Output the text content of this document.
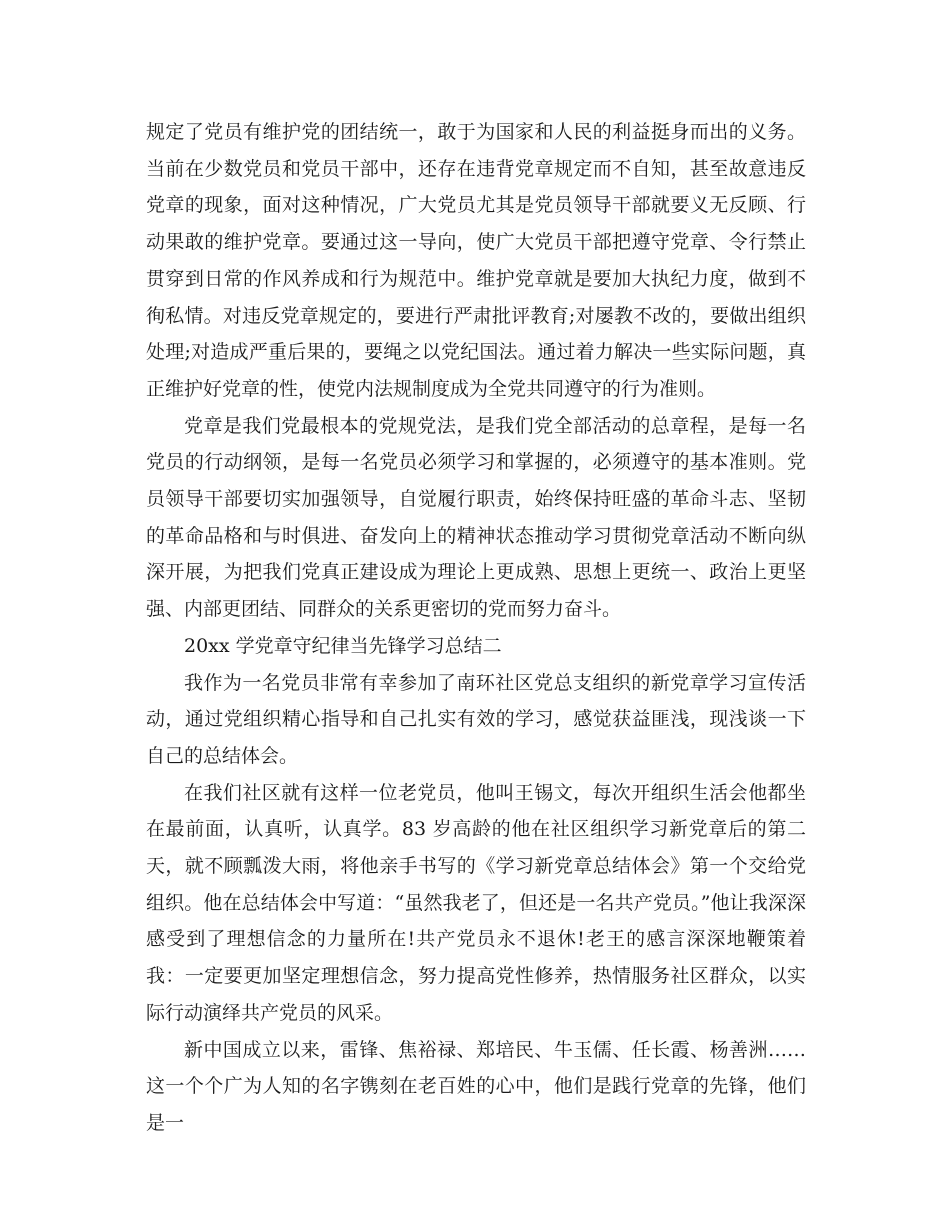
规定了党员有维护党的团结统一，敢于为国家和人民的利益挺身而出的义务。当前在少数党员和党员干部中，还存在违背党章规定而不自知，甚至故意违反党章的现象，面对这种情况，广大党员尤其是党员领导干部就要义无反顾、行动果敢的维护党章。要通过这一导向，使广大党员干部把遵守党章、令行禁止贯穿到日常的作风养成和行为规范中。维护党章就是要加大执纪力度，做到不徇私情。对违反党章规定的，要进行严肃批评教育;对屡教不改的，要做出组织处理;对造成严重后果的，要绳之以党纪国法。通过着力解决一些实际问题，真正维护好党章的性，使党内法规制度成为全党共同遵守的行为准则。

党章是我们党最根本的党规党法，是我们党全部活动的总章程，是每一名党员的行动纲领，是每一名党员必须学习和掌握的，必须遵守的基本准则。党员领导干部要切实加强领导，自觉履行职责，始终保持旺盛的革命斗志、坚韧的革命品格和与时俱进、奋发向上的精神状态推动学习贯彻党章活动不断向纵深开展，为把我们党真正建设成为理论上更成熟、思想上更统一、政治上更坚强、内部更团结、同群众的关系更密切的党而努力奋斗。

20xx 学党章守纪律当先锋学习总结二

我作为一名党员非常有幸参加了南环社区党总支组织的新党章学习宣传活动，通过党组织精心指导和自己扎实有效的学习，感觉获益匪浅，现浅谈一下自己的总结体会。

在我们社区就有这样一位老党员，他叫王锡文，每次开组织生活会他都坐在最前面，认真听，认真学。83 岁高龄的他在社区组织学习新党章后的第二天，就不顾瓢泼大雨，将他亲手书写的《学习新党章总结体会》第一个交给党组织。他在总结体会中写道：“虽然我老了，但还是一名共产党员。”他让我深深感受到了理想信念的力量所在!共产党员永不退休!老王的感言深深地鞭策着我：一定要更加坚定理想信念，努力提高党性修养，热情服务社区群众，以实际行动演绎共产党员的风采。

新中国成立以来，雷锋、焦裕禄、郑培民、牛玉儒、任长霞、杨善洲……这一个个广为人知的名字镌刻在老百姓的心中，他们是践行党章的先锋，他们是一
